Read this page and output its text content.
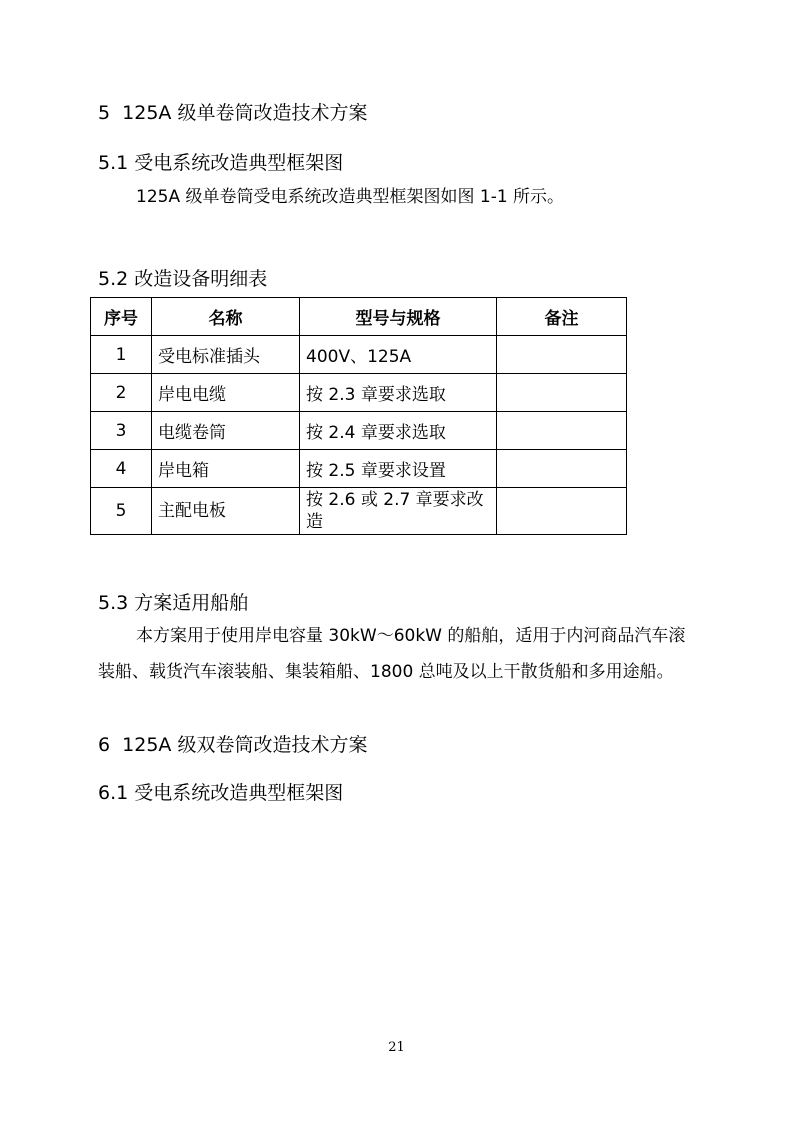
5  125A 级单卷筒改造技术方案
5.1 受电系统改造典型框架图
125A 级单卷筒受电系统改造典型框架图如图 1-1 所示。
5.2 改造设备明细表
序号	名称	型号与规格	备注
1	受电标准插头	400V、125A	
2	岸电电缆	按 2.3 章要求选取	
3	电缆卷筒	按 2.4 章要求选取	
4	岸电箱	按 2.5 章要求设置	
5	主配电板	按 2.6 或 2.7 章要求改造	
5.3 方案适用船舶
本方案用于使用岸电容量 30kW～60kW 的船舶，适用于内河商品汽车滚
装船、载货汽车滚装船、集装箱船、1800 总吨及以上干散货船和多用途船。
6  125A 级双卷筒改造技术方案
6.1 受电系统改造典型框架图
21
